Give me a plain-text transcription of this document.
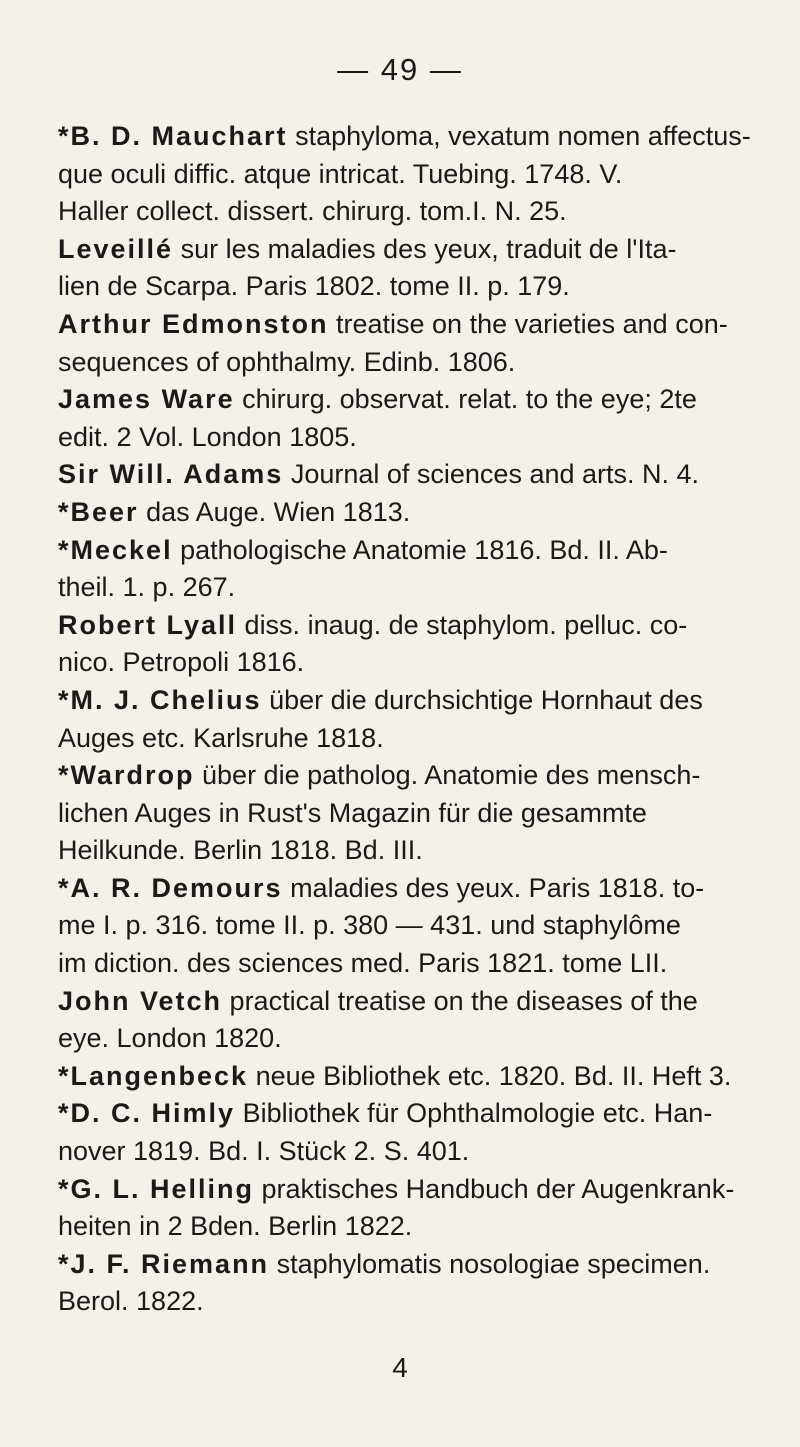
— 49 —

*B. D. Mauchart staphyloma, vexatum nomen affectus-
que oculi diffic. atque intricat. Tuebing. 1748. V.
Haller collect. dissert. chirurg. tom.I. N. 25.

Leveillé sur les maladies des yeux, traduit de l'Ita-
lien de Scarpa. Paris 1802. tome II. p. 179.

Arthur Edmonston treatise on the varieties and con-
sequences of ophthalmy. Edinb. 1806.

James Ware chirurg. observat. relat. to the eye; 2te
edit. 2 Vol. London 1805.

Sir Will. Adams Journal of sciences and arts. N. 4.

*Beer das Auge. Wien 1813.

*Meckel pathologische Anatomie 1816. Bd. II. Ab-
theil. 1. p. 267.

Robert Lyall diss. inaug. de staphylom. pelluc. co-
nico. Petropoli 1816.

*M. J. Chelius über die durchsichtige Hornhaut des
Auges etc. Karlsruhe 1818.

*Wardrop über die patholog. Anatomie des mensch-
lichen Auges in Rust's Magazin für die gesammte
Heilkunde. Berlin 1818. Bd. III.

*A. R. Demours maladies des yeux. Paris 1818. to-
me I. p. 316. tome II. p. 380 — 431. und staphylôme
im diction. des sciences med. Paris 1821. tome LII.

John Vetch practical treatise on the diseases of the
eye. London 1820.

*Langenbeck neue Bibliothek etc. 1820. Bd. II. Heft 3.

*D. C. Himly Bibliothek für Ophthalmologie etc. Han-
nover 1819. Bd. I. Stück 2. S. 401.

*G. L. Helling praktisches Handbuch der Augenkrank-
heiten in 2 Bden. Berlin 1822.

*J. F. Riemann staphylomatis nosologiae specimen.
Berol. 1822.

4
